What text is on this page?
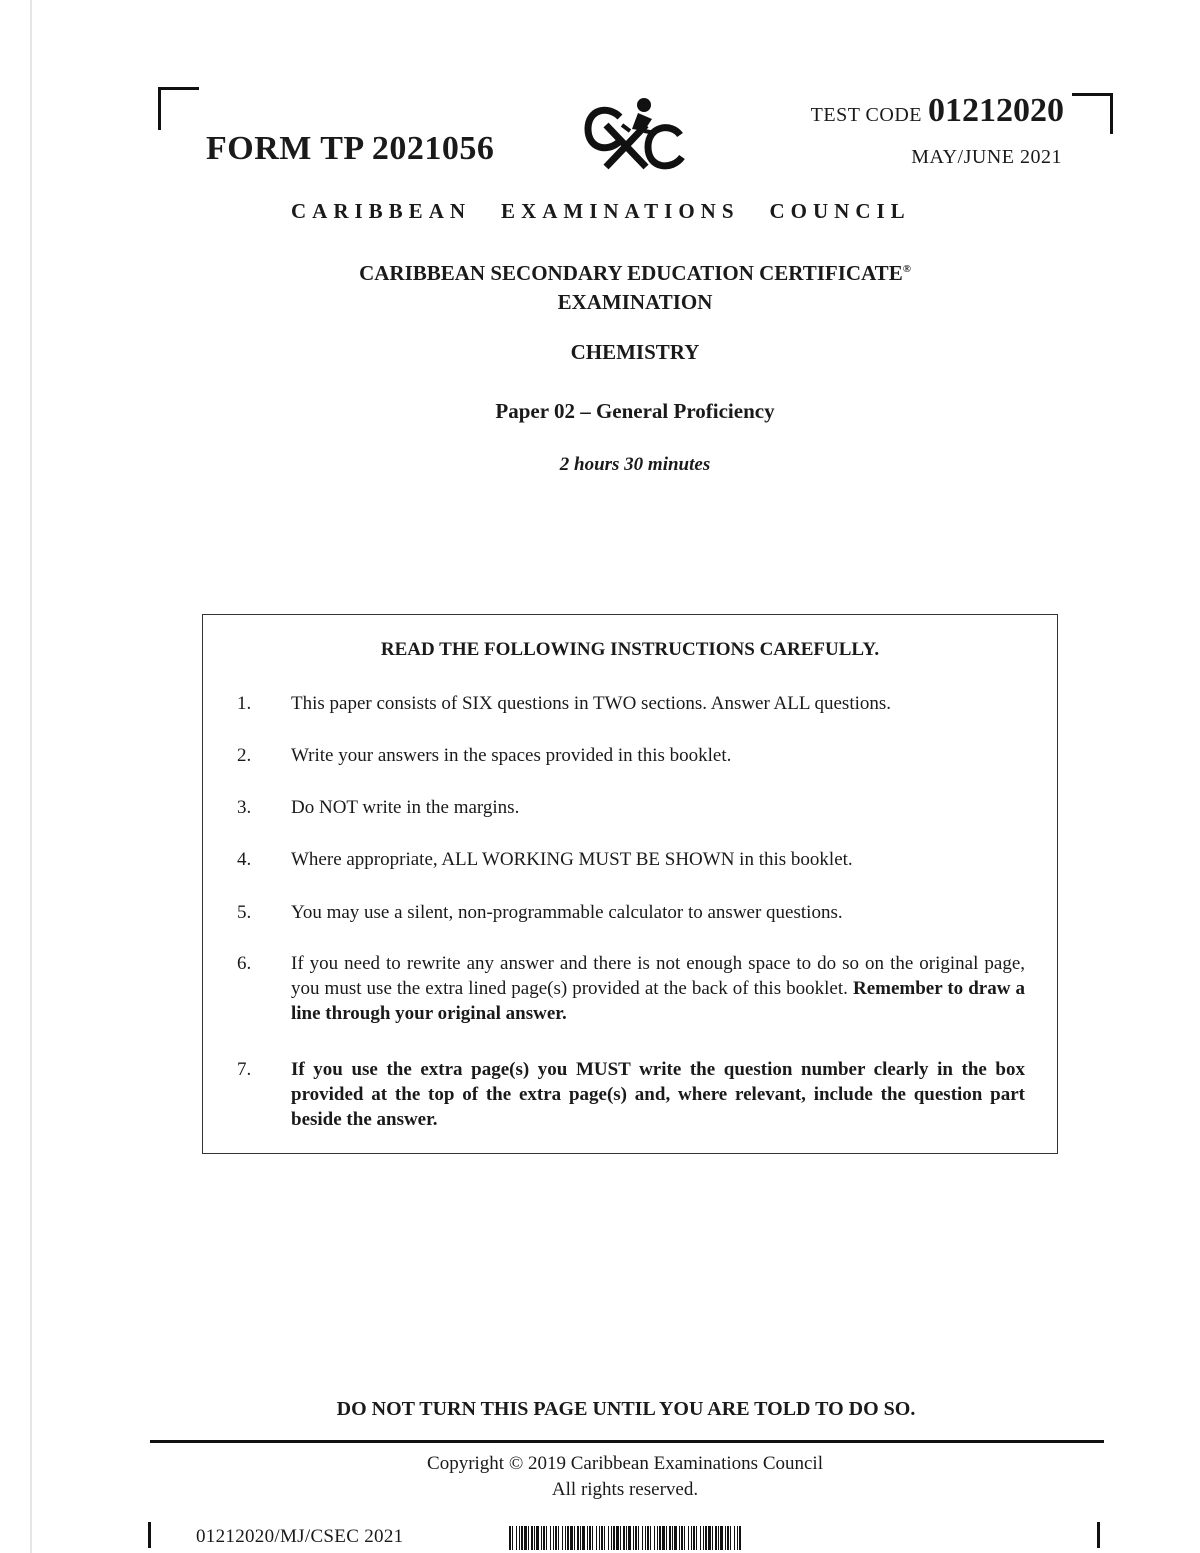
FORM TP 2021056
TEST CODE 01212020
MAY/JUNE 2021
CARIBBEAN EXAMINATIONS COUNCIL
CARIBBEAN SECONDARY EDUCATION CERTIFICATE®
EXAMINATION
CHEMISTRY
Paper 02 – General Proficiency
2 hours 30 minutes
READ THE FOLLOWING INSTRUCTIONS CAREFULLY.
1. This paper consists of SIX questions in TWO sections. Answer ALL questions.
2. Write your answers in the spaces provided in this booklet.
3. Do NOT write in the margins.
4. Where appropriate, ALL WORKING MUST BE SHOWN in this booklet.
5. You may use a silent, non-programmable calculator to answer questions.
6. If you need to rewrite any answer and there is not enough space to do so on the original page, you must use the extra lined page(s) provided at the back of this booklet. Remember to draw a line through your original answer.
7. If you use the extra page(s) you MUST write the question number clearly in the box provided at the top of the extra page(s) and, where relevant, include the question part beside the answer.
DO NOT TURN THIS PAGE UNTIL YOU ARE TOLD TO DO SO.
Copyright © 2019 Caribbean Examinations Council
All rights reserved.
01212020/MJ/CSEC 2021
